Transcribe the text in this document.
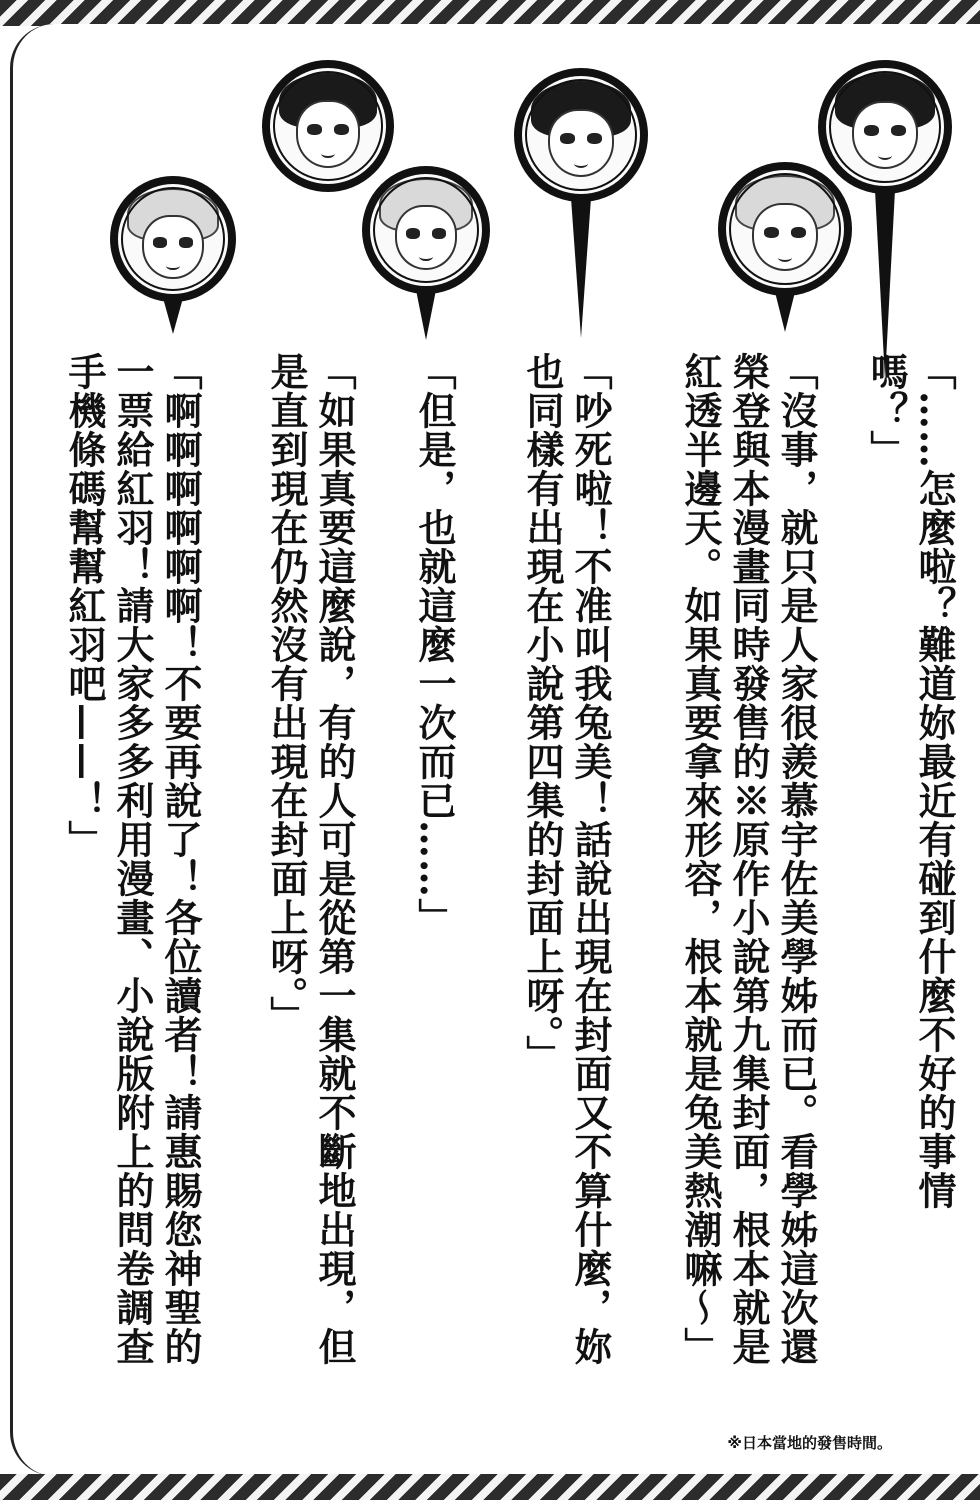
「……怎麼啦？難道妳最近有碰到什麼不好的事情嗎？」
「沒事，就只是人家很羨慕宇佐美學姊而已。看學姊這次還榮登與本漫畫同時發售的※原作小說第九集封面，根本就是紅透半邊天。如果真要拿來形容，根本就是兔美熱潮嘛～」
「吵死啦！不准叫我兔美！話說出現在封面又不算什麼，妳也同樣有出現在小說第四集的封面上呀。」
「但是，也就這麼一次而已……」
「如果真要這麼說，有的人可是從第一集就不斷地出現，但是直到現在仍然沒有出現在封面上呀。」
「啊啊啊啊啊啊！不要再說了！各位讀者！請惠賜您神聖的一票給紅羽！請大家多多利用漫畫、小說版附上的問卷調查手機條碼幫幫紅羽吧——！」
※日本當地的發售時間。
